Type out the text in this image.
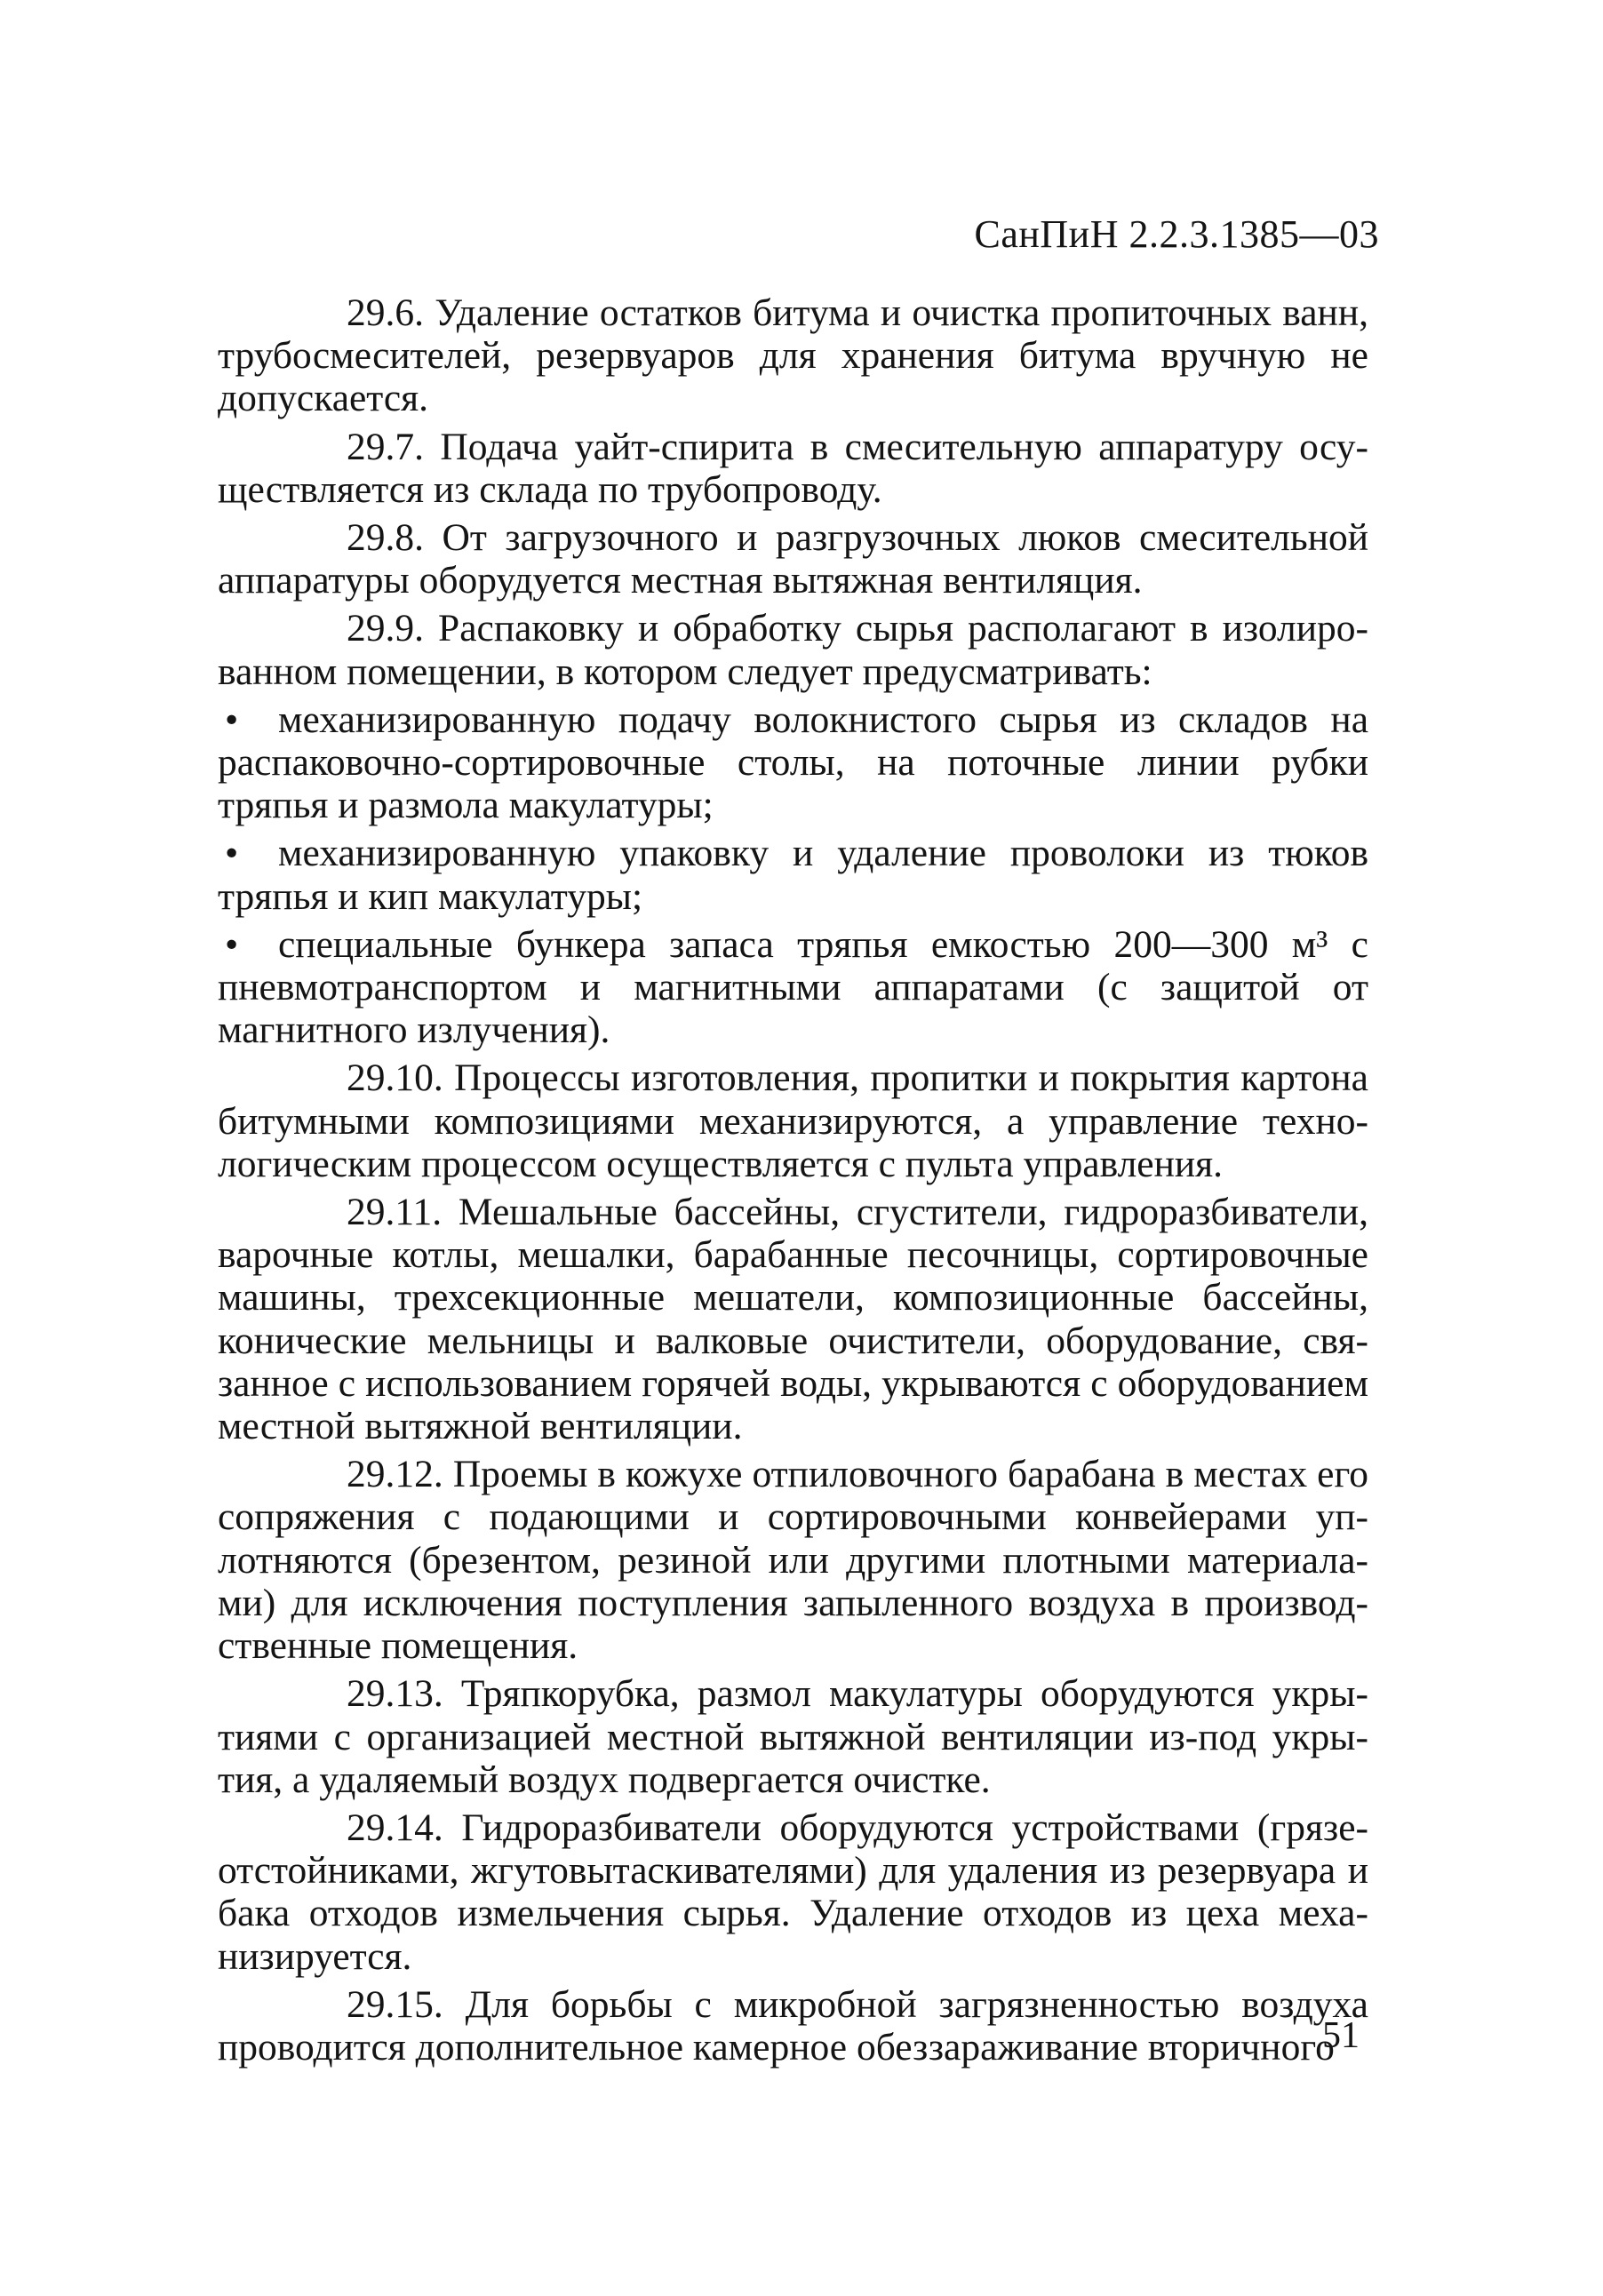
СанПиН 2.2.3.1385—03

29.6. Удаление остатков битума и очистка пропиточных ванн, трубосмесителей, резервуаров для хранения битума вручную не допускается.

29.7. Подача уайт-спирита в смесительную аппаратуру осуществляется из склада по трубопроводу.

29.8. От загрузочного и разгрузочных люков смесительной аппаратуры оборудуется местная вытяжная вентиляция.

29.9. Распаковку и обработку сырья располагают в изолированном помещении, в котором следует предусматривать:

• механизированную подачу волокнистого сырья из складов на распаковочно-сортировочные столы, на поточные линии рубки тряпья и размола макулатуры;

• механизированную упаковку и удаление проволоки из тюков тряпья и кип макулатуры;

• специальные бункера запаса тряпья емкостью 200—300 м³ с пневмотранспортом и магнитными аппаратами (с защитой от магнитного излучения).

29.10. Процессы изготовления, пропитки и покрытия картона битумными композициями механизируются, а управление технологическим процессом осуществляется с пульта управления.

29.11. Мешальные бассейны, сгустители, гидроразбиватели, варочные котлы, мешалки, барабанные песочницы, сортировочные машины, трехсекционные мешатели, композиционные бассейны, конические мельницы и валковые очистители, оборудование, связанное с использованием горячей воды, укрываются с оборудованием местной вытяжной вентиляции.

29.12. Проемы в кожухе отпиловочного барабана в местах его сопряжения с подающими и сортировочными конвейерами уплотняются (брезентом, резиной или другими плотными материалами) для исключения поступления запыленного воздуха в производственные помещения.

29.13. Тряпкорубка, размол макулатуры оборудуются укрытиями с организацией местной вытяжной вентиляции из-под укрытия, а удаляемый воздух подвергается очистке.

29.14. Гидроразбиватели оборудуются устройствами (грязеотстойниками, жгутовытаскивателями) для удаления из резервуара и бака отходов измельчения сырья. Удаление отходов из цеха механизируется.

29.15. Для борьбы с микробной загрязненностью воздуха проводится дополнительное камерное обеззараживание вторичного

51
